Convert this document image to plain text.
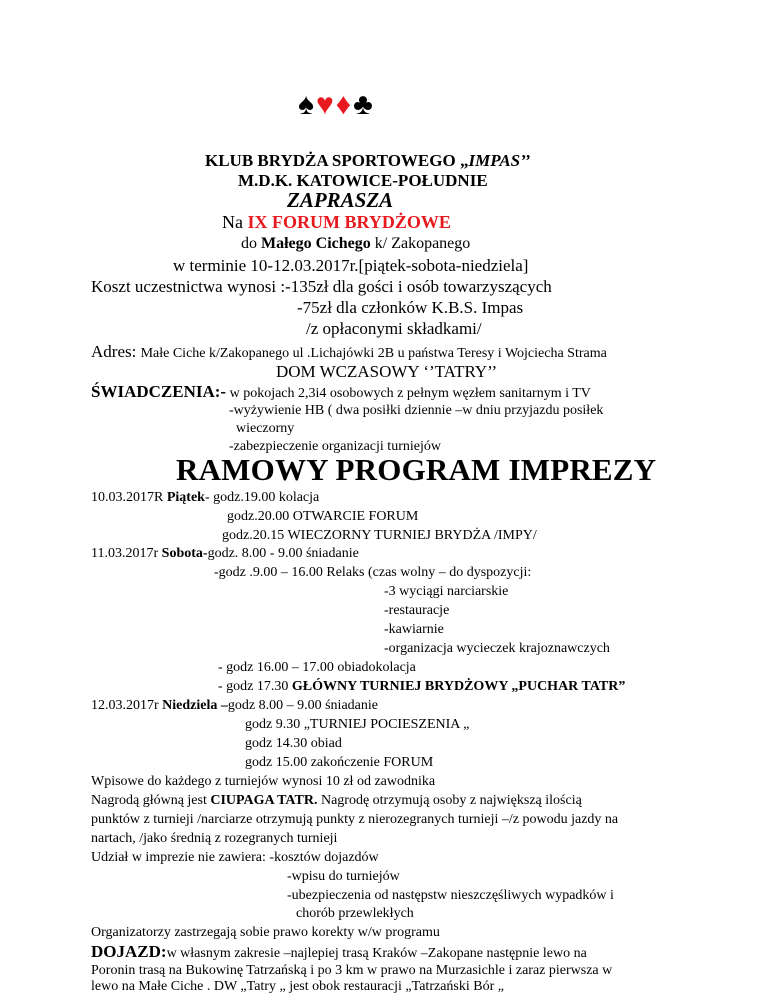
♠♥♦♣
KLUB BRYDŻA SPORTOWEGO „IMPAS’’
M.D.K. KATOWICE-POŁUDNIE
ZAPRASZA
Na IX FORUM BRYDŻOWE
do Małego Cichego k/ Zakopanego
w terminie 10-12.03.2017r.[piątek-sobota-niedziela]
Koszt uczestnictwa wynosi :-135zł dla gości i osób towarzyszących
-75zł dla członków K.B.S. Impas
/z opłaconymi składkami/
Adres: Małe Ciche k/Zakopanego ul .Lichajówki 2B u państwa Teresy i Wojciecha Strama
DOM WCZASOWY ‘’TATRY’’
ŚWIADCZENIA:- w pokojach 2,3i4 osobowych z pełnym węzłem sanitarnym i TV
-wyżywienie HB ( dwa posiłki dziennie –w dniu przyjazdu posiłek
wieczorny
-zabezpieczenie organizacji turniejów
RAMOWY PROGRAM IMPREZY
10.03.2017R Piątek- godz.19.00 kolacja
godz.20.00 OTWARCIE FORUM
godz.20.15 WIECZORNY TURNIEJ BRYDŻA /IMPY/
11.03.2017r Sobota-godz. 8.00 - 9.00 śniadanie
-godz .9.00 – 16.00 Relaks (czas wolny – do dyspozycji:
-3 wyciągi narciarskie
-restauracje
-kawiarnie
-organizacja wycieczek krajoznawczych
- godz 16.00 – 17.00 obiadokolacja
- godz 17.30 GŁÓWNY TURNIEJ BRYDŻOWY „PUCHAR TATR”
12.03.2017r Niedziela –godz 8.00 – 9.00 śniadanie
godz 9.30 „TURNIEJ POCIESZENIA „
godz 14.30 obiad
godz 15.00 zakończenie FORUM
Wpisowe do każdego z turniejów wynosi 10 zł od zawodnika
Nagrodą główną jest CIUPAGA TATR. Nagrodę otrzymują osoby z największą ilością
punktów z turnieji /narciarze otrzymują punkty z nierozegranych turnieji –/z powodu jazdy na
nartach, /jako średnią z rozegranych turnieji
Udział w imprezie nie zawiera: -kosztów dojazdów
-wpisu do turniejów
-ubezpieczenia od następstw nieszczęśliwych wypadków i
chorób przewlekłych
Organizatorzy zastrzegają sobie prawo korekty w/w programu
DOJAZD:w własnym zakresie –najlepiej trasą Kraków –Zakopane następnie lewo na
Poronin trasą na Bukowinę Tatrzańską i po 3 km w prawo na Murzasichle i zaraz pierwsza w
lewo na Małe Ciche . DW „Tatry „ jest obok restauracji „Tatrzański Bór „
